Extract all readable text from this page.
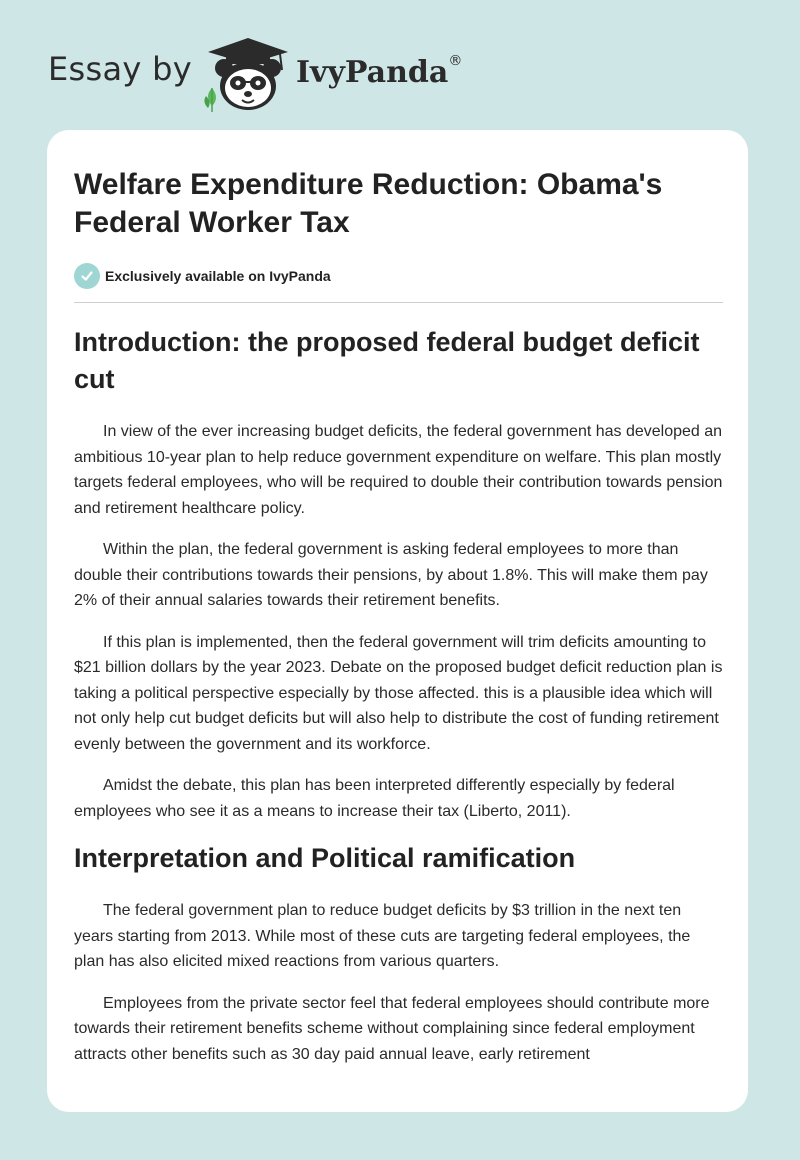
Essay by	IvyPanda®
Welfare Expenditure Reduction: Obama's Federal Worker Tax
Exclusively available on IvyPanda
Introduction: the proposed federal budget deficit cut

In view of the ever increasing budget deficits, the federal government has developed an ambitious 10-year plan to help reduce government expenditure on welfare. This plan mostly targets federal employees, who will be required to double their contribution towards pension and retirement healthcare policy.

Within the plan, the federal government is asking federal employees to more than double their contributions towards their pensions, by about 1.8%. This will make them pay 2% of their annual salaries towards their retirement benefits.

If this plan is implemented, then the federal government will trim deficits amounting to $21 billion dollars by the year 2023. Debate on the proposed budget deficit reduction plan is taking a political perspective especially by those affected. this is a plausible idea which will not only help cut budget deficits but will also help to distribute the cost of funding retirement evenly between the government and its workforce.

Amidst the debate, this plan has been interpreted differently especially by federal employees who see it as a means to increase their tax (Liberto, 2011).

Interpretation and Political ramification

The federal government plan to reduce budget deficits by $3 trillion in the next ten years starting from 2013. While most of these cuts are targeting federal employees, the plan has also elicited mixed reactions from various quarters.

Employees from the private sector feel that federal employees should contribute more towards their retirement benefits scheme without complaining since federal employment attracts other benefits such as 30 day paid annual leave, early retirement
